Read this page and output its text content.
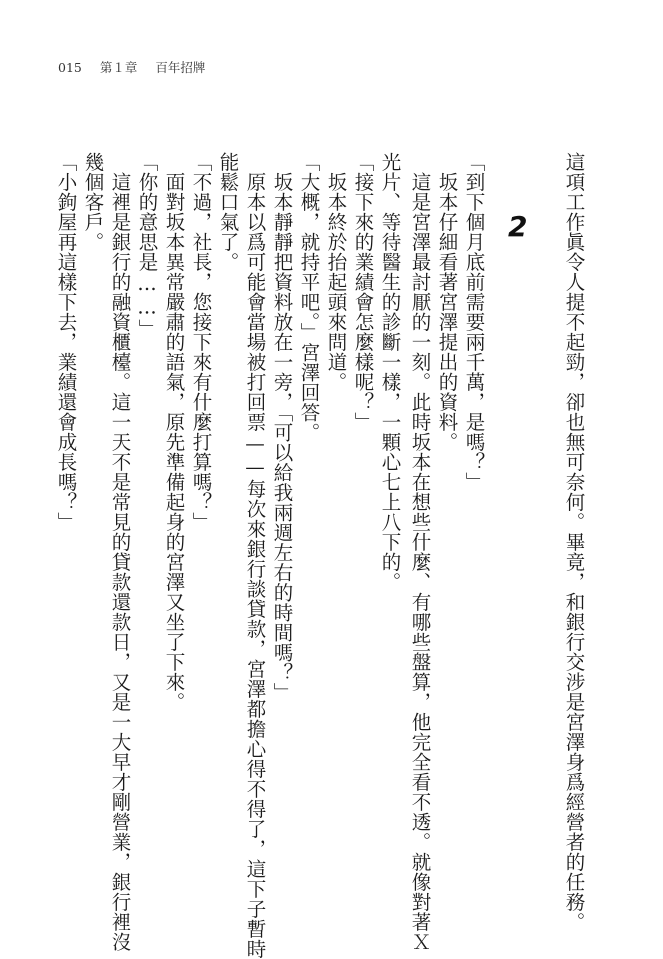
015 第１章 百年招牌
2 這項工作眞令人提不起勁，卻也無可奈何。畢竟，和銀行交涉是宮澤身爲經營者的任務。
「到下個月底前需要兩千萬，是嗎？」
坂本仔細看著宮澤提出的資料。
這是宮澤最討厭的一刻。此時坂本在想些什麼、有哪些盤算，他完全看不透。就像對著Ｘ
光片、等待醫生的診斷一樣，一顆心七上八下的。
「接下來的業績會怎麼樣呢？」
坂本終於抬起頭來問道。
「大概，就持平吧。」宮澤回答。
坂本靜靜把資料放在一旁，「可以給我兩週左右的時間嗎？」
原本以爲可能會當場被打回票——每次來銀行談貸款，宮澤都擔心得不得了，這下子暫時
能鬆口氣了。
「不過，社長，您接下來有什麼打算嗎？」
面對坂本異常嚴肅的語氣，原先準備起身的宮澤又坐了下來。
「你的意思是……」
這裡是銀行的融資櫃檯。這一天不是常見的貸款還款日，又是一大早才剛營業，銀行裡沒
幾個客戶。
「小鉤屋再這樣下去，業績還會成長嗎？」
